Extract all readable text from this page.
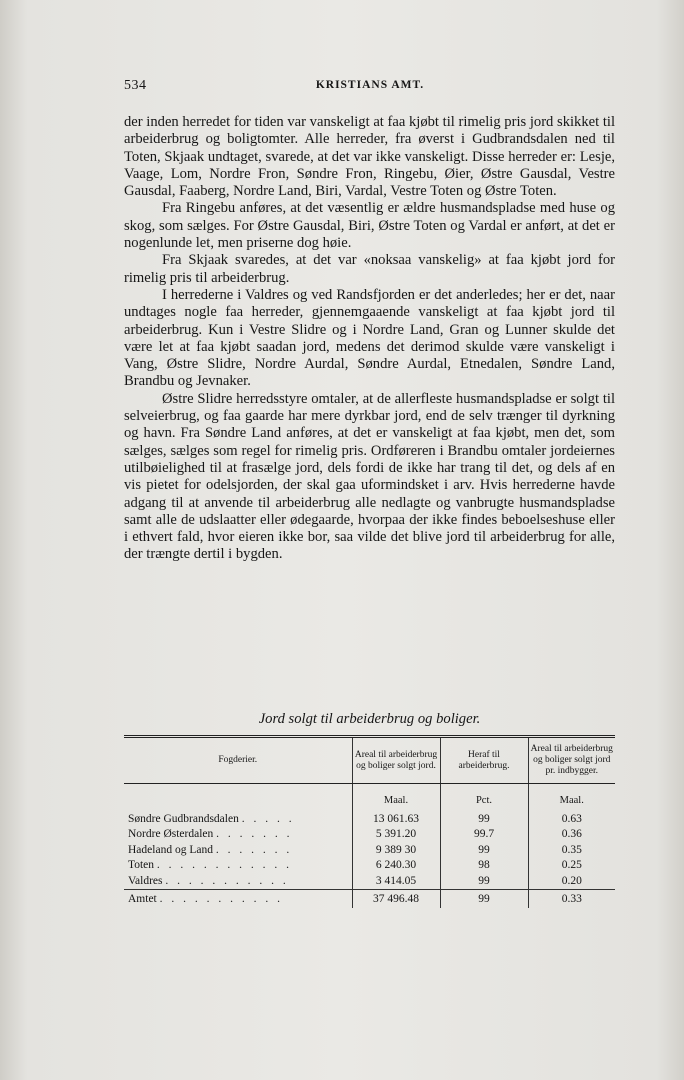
534	KRISTIANS AMT.

der inden herredet for tiden var vanskeligt at faa kjøbt til rimelig pris jord skikket til arbeiderbrug og boligtomter. Alle herreder, fra øverst i Gudbrandsdalen ned til Toten, Skjaak undtaget, svarede, at det var ikke vanskeligt. Disse herreder er: Lesje, Vaage, Lom, Nordre Fron, Søndre Fron, Ringebu, Øier, Østre Gausdal, Vestre Gausdal, Faaberg, Nordre Land, Biri, Vardal, Vestre Toten og Østre Toten.

Fra Ringebu anføres, at det væsentlig er ældre husmandspladse med huse og skog, som sælges. For Østre Gausdal, Biri, Østre Toten og Vardal er anført, at det er nogenlunde let, men priserne dog høie.

Fra Skjaak svaredes, at det var «noksaa vanskelig» at faa kjøbt jord for rimelig pris til arbeiderbrug.

I herrederne i Valdres og ved Randsfjorden er det anderledes; her er det, naar undtages nogle faa herreder, gjennemgaaende vanskeligt at faa kjøbt jord til arbeiderbrug. Kun i Vestre Slidre og i Nordre Land, Gran og Lunner skulde det være let at faa kjøbt saadan jord, medens det derimod skulde være vanskeligt i Vang, Østre Slidre, Nordre Aurdal, Søndre Aurdal, Etnedalen, Søndre Land, Brandbu og Jevnaker.

Østre Slidre herredsstyre omtaler, at de allerfleste husmandspladse er solgt til selveierbrug, og faa gaarde har mere dyrkbar jord, end de selv trænger til dyrkning og havn. Fra Søndre Land anføres, at det er vanskeligt at faa kjøbt, men det, som sælges, sælges som regel for rimelig pris. Ordføreren i Brandbu omtaler jordeiernes utilbøielighed til at frasælge jord, dels fordi de ikke har trang til det, og dels af en vis pietet for odelsjorden, der skal gaa uformindsket i arv. Hvis herrederne havde adgang til at anvende til arbeiderbrug alle nedlagte og vanbrugte husmandspladse samt alle de udslaatter eller ødegaarde, hvorpaa der ikke findes beboelseshuse eller i ethvert fald, hvor eieren ikke bor, saa vilde det blive jord til arbeiderbrug for alle, der trængte dertil i bygden.

Jord solgt til arbeiderbrug og boliger.
Fogderier.	Areal til arbeiderbrug og boliger solgt jord.	Heraf til arbeiderbrug.	Areal til arbeiderbrug og boliger solgt jord pr. indbygger.
	Maal.	Pct.	Maal.
Søndre Gudbrandsdalen . . . . .	13 061.63	99	0.63
Nordre Østerdalen . . . . . . .	5 391.20	99.7	0.36
Hadeland og Land . . . . . . .	9 389 30	99	0.35
Toten . . . . . . . . . . . .	6 240.30	98	0.25
Valdres . . . . . . . . . . .	3 414.05	99	0.20
Amtet . . . . . . . . . . .	37 496.48	99	0.33
